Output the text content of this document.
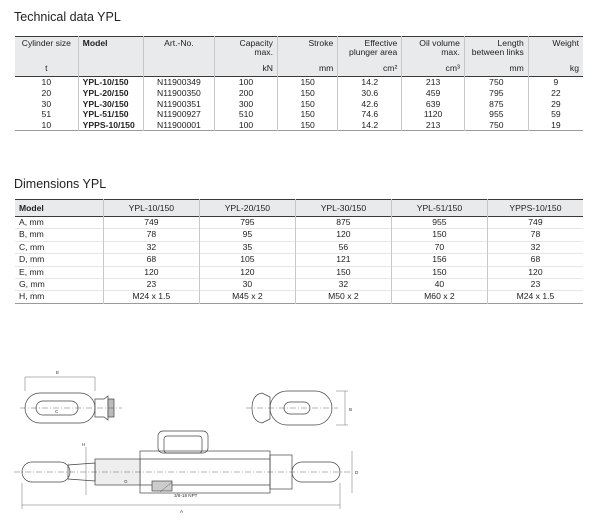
Technical data YPL
Cylinder size	Model	Art.-No.	Capacity max.	Stroke	Effective plunger area	Oil volume max.	Length between links	Weight
t			kN	mm	cm²	cm³	mm	kg
10	YPL-10/150	N11900349	100	150	14.2	213	750	9
20	YPL-20/150	N11900350	200	150	30.6	459	795	22
30	YPL-30/150	N11900351	300	150	42.6	639	875	29
51	YPL-51/150	N11900927	510	150	74.6	1120	955	59
10	YPPS-10/150	N11900001	100	150	14.2	213	750	19
Dimensions YPL
Model	YPL-10/150	YPL-20/150	YPL-30/150	YPL-51/150	YPPS-10/150
A, mm	749	795	875	955	749
B, mm	78	95	120	150	78
C, mm	32	35	56	70	32
D, mm	68	105	121	156	68
E, mm	120	120	150	150	120
G, mm	23	30	32	40	23
H, mm	M24 x 1.5	M45 x 2	M50 x 2	M60 x 2	M24 x 1.5
E
C	B
H
G
D
A
3/8-18 NPT
